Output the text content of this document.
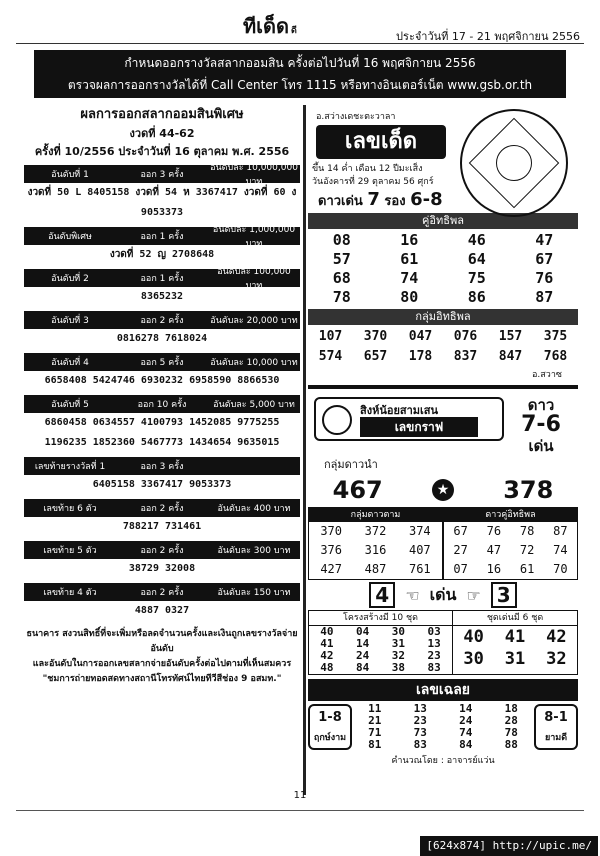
ทีเด็ด ดี	ประจำวันที่ 17 - 21 พฤศจิกายน 2556
กำหนดออกรางวัลสลากออมสิน ครั้งต่อไปวันที่ 16 พฤศจิกายน 2556
ตรวจผลการออกรางวัลได้ที่ Call Center โทร 1115 หรือทางอินเตอร์เน็ต www.gsb.or.th
ผลการออกสลากออมสินพิเศษ
งวดที่ 44-62
ครั้งที่ 10/2556 ประจำวันที่ 16 ตุลาคม พ.ศ. 2556
อันดับที่ 1	ออก 3 ครั้ง
อันดับละ 10,000,000 บาท
งวดที่ 50 L 8405158 งวดที่ 54 ห 3367417 งวดที่ 60 ง 9053373
อันดับพิเศษ	ออก 1 ครั้ง
อันดับละ 1,000,000 บาท
งวดที่ 52 ญ 2708648
อันดับที่ 2	ออก 1 ครั้ง
อันดับละ 100,000 บาท
8365232
อันดับที่ 3	ออก 2 ครั้ง	อันดับละ 20,000 บาท
0816278 7618024
อันดับที่ 4	ออก 5 ครั้ง	อันดับละ 10,000 บาท
6658408 5424746 6930232 6958590 8866530
อันดับที่ 5	ออก 10 ครั้ง	อันดับละ 5,000 บาท
6860458 0634557 4100793 1452085 9775255
1196235 1852360 5467773 1434654 9635015
เลขท้ายรางวัลที่ 1	ออก 3 ครั้ง
6405158 3367417 9053373
เลขท้าย 6 ตัว	ออก 2 ครั้ง	อันดับละ 400 บาท
788217 731461
เลขท้าย 5 ตัว	ออก 2 ครั้ง	อันดับละ 300 บาท
38729 32008
เลขท้าย 4 ตัว	ออก 2 ครั้ง	อันดับละ 150 บาท
4887 0327
ธนาคาร สงวนสิทธิ์ที่จะเพิ่มหรือลดจำนวนครั้งและเงินถูกเลขรางวัลจ่ายอันดับ
และอันดับในการออกเลขสลากจ่ายอันดับครั้งต่อไปตามที่เห็นสมควร
"ชมการถ่ายทอดสดทางสถานีโทรทัศน์ไทยทีวีสีช่อง 9 อสมท."
อ.สว่างเดชะตะวาลา
เลขเด็ด
ขึ้น 14 ค่ำ เดือน 12 ปีมะเส็ง
วันอังคารที่ 29 ตุลาคม 56 ศุกร์
ดาวเด่น 7 รอง 6-8
คู่อิทธิพล
08	16	46	47
57	61	64	67
68	74	75	76
78	80	86	87
กลุ่มอิทธิพล
107	370	047	076	157	375
574	657	178	837	847	768
อ.สวาซ
สิงห์น้อยสามเสน
เลขกราฟ
ดาว
7-6
เด่น
กลุ่มดาวนำ
467	★ 378
กลุ่มดาวตาม
370	372	374
376	316	407
427	487	761
ดาวคู่อิทธิพล
67	76	78	87
27	47	72	74
07	16	61	70
4	☜ เด่น ☞ 3
โครงสร้างมี 10 ชุด
40	04	30	03
41	14	31	13
42	24	32	23
48	84	38	83
ชุดเด่นมี 6 ชุด
40	41	42
30	31	32
เลขเฉลย
1-8
ฤกษ์งาม
11	13	14	18
21	23	24	28
71	73	74	78
81	83	84	88
8-1
ยามดี
คำนวณโดย : อาจารย์แว่น
11
[624x874] http://upic.me/
